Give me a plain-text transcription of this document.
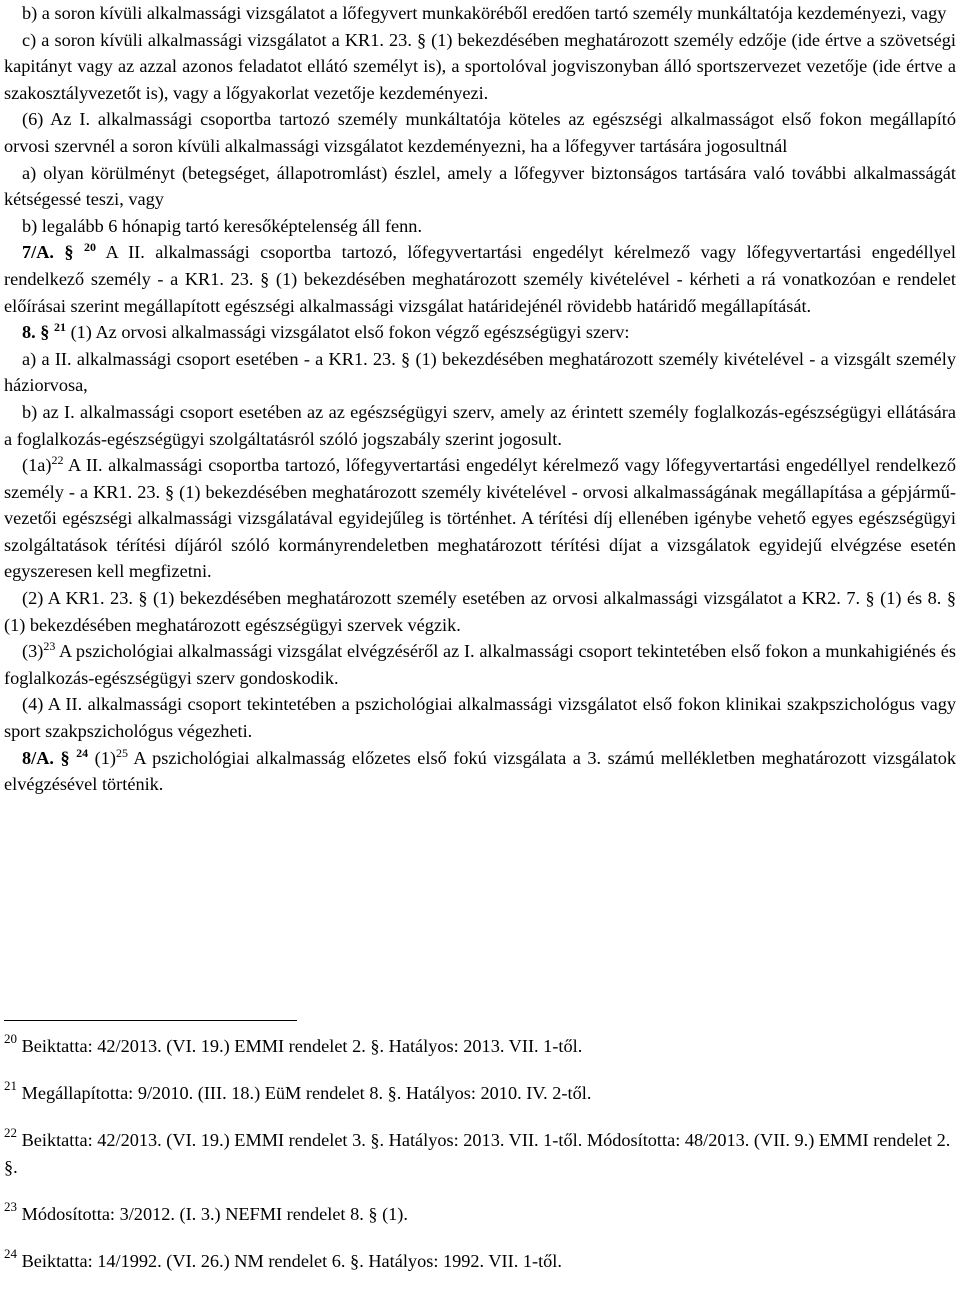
b) a soron kívüli alkalmassági vizsgálatot a lőfegyvert munkaköréből eredően tartó személy munkáltatója kezdeményezi, vagy

c) a soron kívüli alkalmassági vizsgálatot a KR1. 23. § (1) bekezdésében meghatározott személy edzője (ide értve a szövetségi kapitányt vagy az azzal azonos feladatot ellátó személyt is), a sportolóval jogviszonyban álló sportszervezet vezetője (ide értve a szakosztályvezetőt is), vagy a lőgyakorlat vezetője kezdeményezi.

(6) Az I. alkalmassági csoportba tartozó személy munkáltatója köteles az egészségi alkalmasságot első fokon megállapító orvosi szervnél a soron kívüli alkalmassági vizsgálatot kezdeményezni, ha a lőfegyver tartására jogosultnál

a) olyan körülményt (betegséget, állapotromlást) észlel, amely a lőfegyver biztonságos tartására való további alkalmasságát kétségessé teszi, vagy

b) legalább 6 hónapig tartó keresőképtelenség áll fenn.

7/A. § $^{20}$ A II. alkalmassági csoportba tartozó, lőfegyvertartási engedélyt kérelmező vagy lőfegyvertartási engedéllyel rendelkező személy - a KR1. 23. § (1) bekezdésében meghatározott személy kivételével - kérheti a rá vonatkozóan e rendelet előírásai szerint megállapított egészségi alkalmassági vizsgálat határidejénél rövidebb határidő megállapítását.

8. § $^{21}$ (1) Az orvosi alkalmassági vizsgálatot első fokon végző egészségügyi szerv:

a) a II. alkalmassági csoport esetében - a KR1. 23. § (1) bekezdésében meghatározott személy kivételével - a vizsgált személy háziorvosa,

b) az I. alkalmassági csoport esetében az az egészségügyi szerv, amely az érintett személy foglalkozás-egészségügyi ellátására a foglalkozás-egészségügyi szolgáltatásról szóló jogszabály szerint jogosult.

$(1a)^{22}$ A II. alkalmassági csoportba tartozó, lőfegyvertartási engedélyt kérelmező vagy lőfegyvertartási engedéllyel rendelkező személy - a KR1. 23. § (1) bekezdésében meghatározott személy kivételével - orvosi alkalmasságának megállapítása a gépjármű-vezetői egészségi alkalmassági vizsgálatával egyidejűleg is történhet. A térítési díj ellenében igénybe vehető egyes egészségügyi szolgáltatások térítési díjáról szóló kormányrendeletben meghatározott térítési díjat a vizsgálatok egyidejű elvégzése esetén egyszeresen kell megfizetni.

(2) A KR1. 23. § (1) bekezdésében meghatározott személy esetében az orvosi alkalmassági vizsgálatot a KR2. 7. § (1) és 8. § (1) bekezdésében meghatározott egészségügyi szervek végzik.

$(3)^{23}$ A pszichológiai alkalmassági vizsgálat elvégzéséről az I. alkalmassági csoport tekintetében első fokon a munkahigiénés és foglalkozás-egészségügyi szerv gondoskodik.

(4) A II. alkalmassági csoport tekintetében a pszichológiai alkalmassági vizsgálatot első fokon klinikai szakpszichológus vagy sport szakpszichológus végezheti.

8/A. § $^{24}$ $(1)^{25}$ A pszichológiai alkalmasság előzetes első fokú vizsgálata a 3. számú mellékletben meghatározott vizsgálatok elvégzésével történik.

$^{20}$ Beiktatta: 42/2013. (VI. 19.) EMMI rendelet 2. §. Hatályos: 2013. VII. 1-től.
$^{21}$ Megállapította: 9/2010. (III. 18.) EüM rendelet 8. §. Hatályos: 2010. IV. 2-től.
$^{22}$ Beiktatta: 42/2013. (VI. 19.) EMMI rendelet 3. §. Hatályos: 2013. VII. 1-től. Módosította: 48/2013. (VII. 9.) EMMI rendelet 2. §.
$^{23}$ Módosította: 3/2012. (I. 3.) NEFMI rendelet 8. § (1).
$^{24}$ Beiktatta: 14/1992. (VI. 26.) NM rendelet 6. §. Hatályos: 1992. VII. 1-től.
